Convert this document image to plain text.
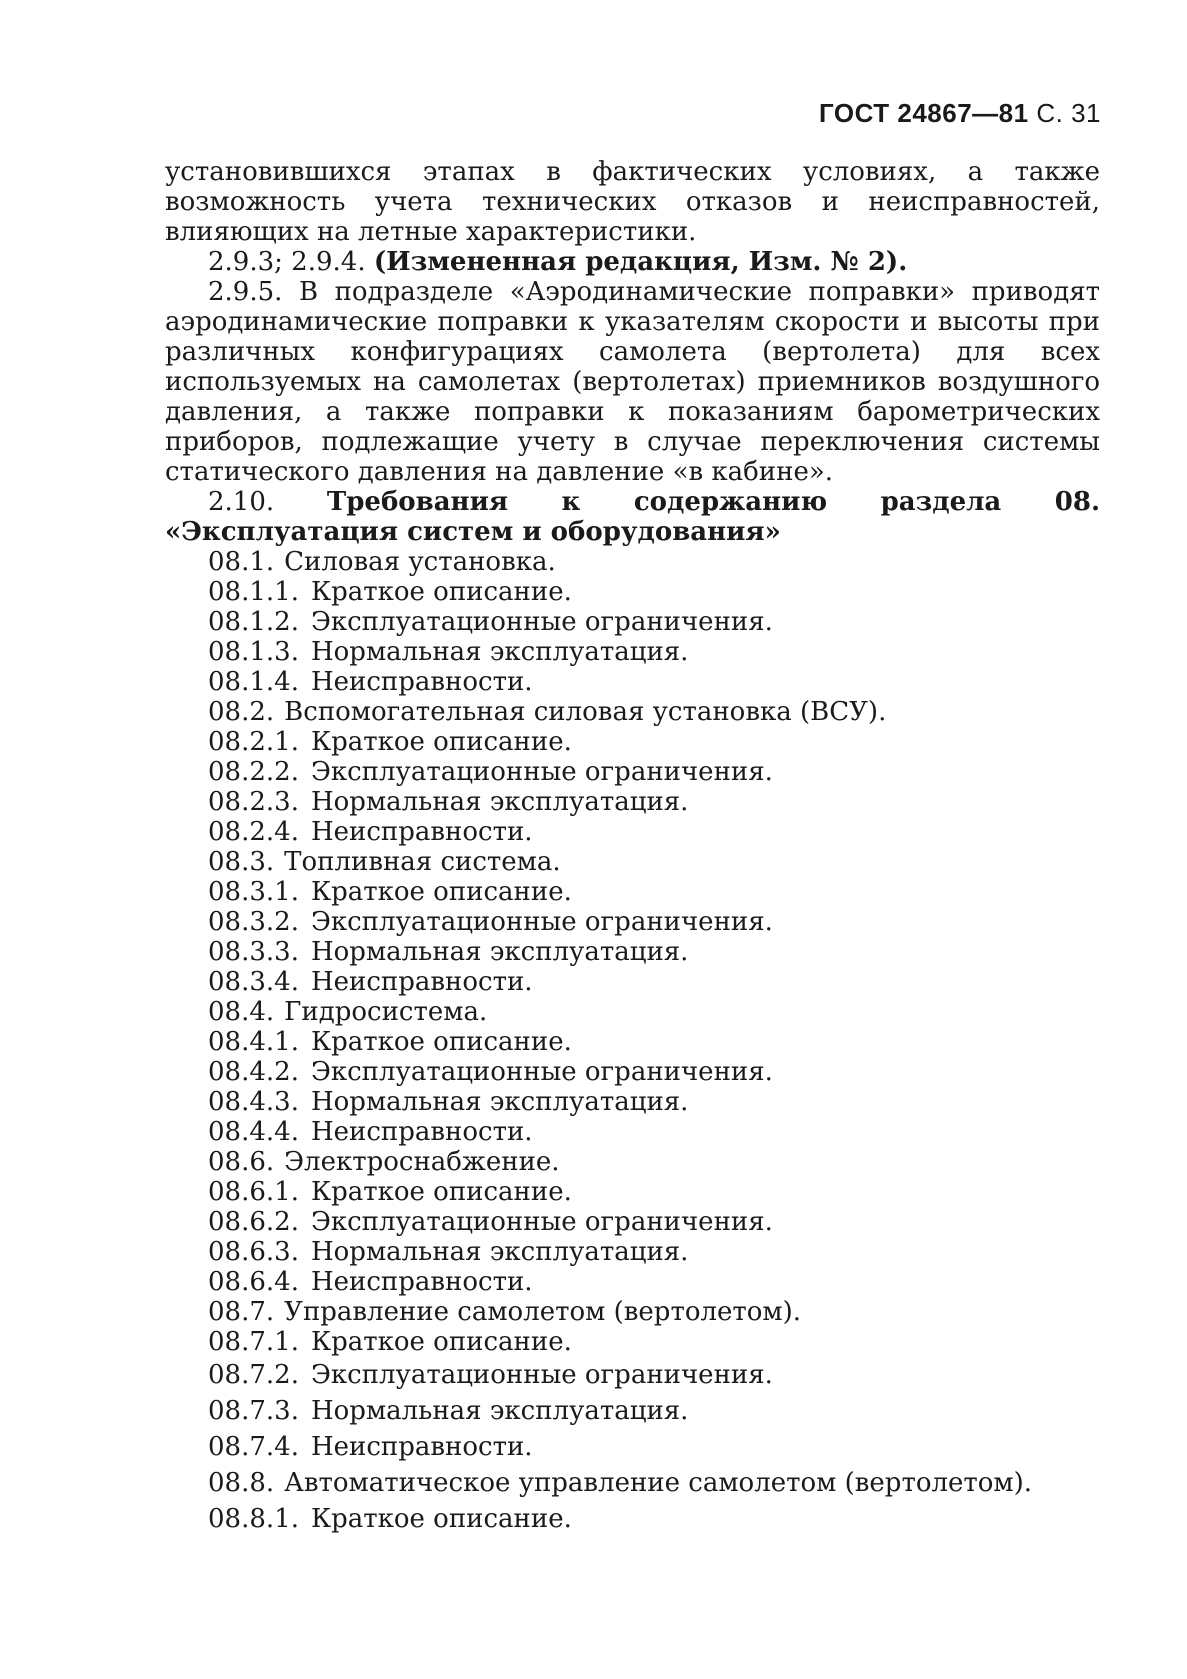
ГОСТ 24867—81 С. 31

установившихся этапах в фактических условиях, а также возможность учета технических отказов и неисправностей, влияющих на летные характеристики.

2.9.3; 2.9.4. (Измененная редакция, Изм. № 2).

2.9.5. В подразделе «Аэродинамические поправки» приводят аэродинамические поправки к указателям скорости и высоты при различных конфигурациях самолета (вертолета) для всех используемых на самолетах (вертолетах) приемников воздушного давления, а также поправки к показаниям барометрических приборов, подлежащие учету в случае переключения системы статического давления на давление «в кабине».

2.10. Требования к содержанию раздела 08. «Эксплуатация систем и оборудования»

08.1. Силовая установка.
08.1.1. Краткое описание.
08.1.2. Эксплуатационные ограничения.
08.1.3. Нормальная эксплуатация.
08.1.4. Неисправности.
08.2. Вспомогательная силовая установка (ВСУ).
08.2.1. Краткое описание.
08.2.2. Эксплуатационные ограничения.
08.2.3. Нормальная эксплуатация.
08.2.4. Неисправности.
08.3. Топливная система.
08.3.1. Краткое описание.
08.3.2. Эксплуатационные ограничения.
08.3.3. Нормальная эксплуатация.
08.3.4. Неисправности.
08.4. Гидросистема.
08.4.1. Краткое описание.
08.4.2. Эксплуатационные ограничения.
08.4.3. Нормальная эксплуатация.
08.4.4. Неисправности.
08.6. Электроснабжение.
08.6.1. Краткое описание.
08.6.2. Эксплуатационные ограничения.
08.6.3. Нормальная эксплуатация.
08.6.4. Неисправности.
08.7. Управление самолетом (вертолетом).
08.7.1. Краткое описание.
08.7.2. Эксплуатационные ограничения.
08.7.3. Нормальная эксплуатация.
08.7.4. Неисправности.
08.8. Автоматическое управление самолетом (вертолетом).
08.8.1. Краткое описание.
